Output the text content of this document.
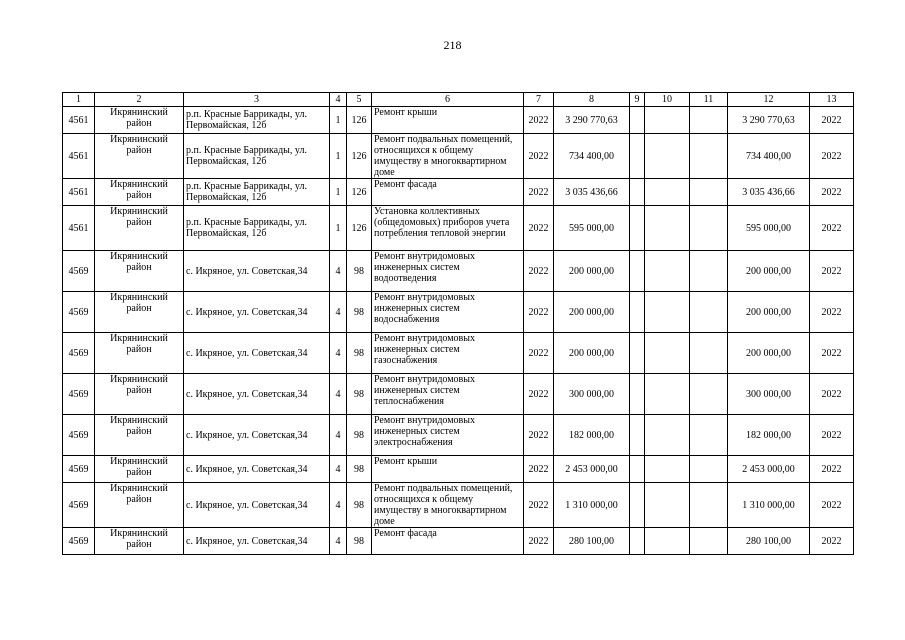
218
1	2	3	4	5	6	7	8	9	10	11	12	13
4561	Икрянинский район	р.п. Красные Баррикады, ул. Первомайская, 12б	1	126	Ремонт крыши	2022	3 290 770,63				3 290 770,63	2022
4561	Икрянинский район	р.п. Красные Баррикады, ул. Первомайская, 12б	1	126	Ремонт подвальных помещений, относящихся к общему имуществу в многоквартирном доме	2022	734 400,00				734 400,00	2022
4561	Икрянинский район	р.п. Красные Баррикады, ул. Первомайская, 12б	1	126	Ремонт фасада	2022	3 035 436,66				3 035 436,66	2022
4561	Икрянинский район	р.п. Красные Баррикады, ул. Первомайская, 12б	1	126	Установка коллективных (общедомовых) приборов учета потребления тепловой энергии	2022	595 000,00				595 000,00	2022
4569	Икрянинский район	с. Икряное, ул. Советская,34	4	98	Ремонт внутридомовых инженерных систем водоотведения	2022	200 000,00				200 000,00	2022
4569	Икрянинский район	с. Икряное, ул. Советская,34	4	98	Ремонт внутридомовых инженерных систем водоснабжения	2022	200 000,00				200 000,00	2022
4569	Икрянинский район	с. Икряное, ул. Советская,34	4	98	Ремонт внутридомовых инженерных систем газоснабжения	2022	200 000,00				200 000,00	2022
4569	Икрянинский район	с. Икряное, ул. Советская,34	4	98	Ремонт внутридомовых инженерных систем теплоснабжения	2022	300 000,00				300 000,00	2022
4569	Икрянинский район	с. Икряное, ул. Советская,34	4	98	Ремонт внутридомовых инженерных систем электроснабжения	2022	182 000,00				182 000,00	2022
4569	Икрянинский район	с. Икряное, ул. Советская,34	4	98	Ремонт крыши	2022	2 453 000,00				2 453 000,00	2022
4569	Икрянинский район	с. Икряное, ул. Советская,34	4	98	Ремонт подвальных помещений, относящихся к общему имуществу в многоквартирном доме	2022	1 310 000,00				1 310 000,00	2022
4569	Икрянинский район	с. Икряное, ул. Советская,34	4	98	Ремонт фасада	2022	280 100,00				280 100,00	2022
